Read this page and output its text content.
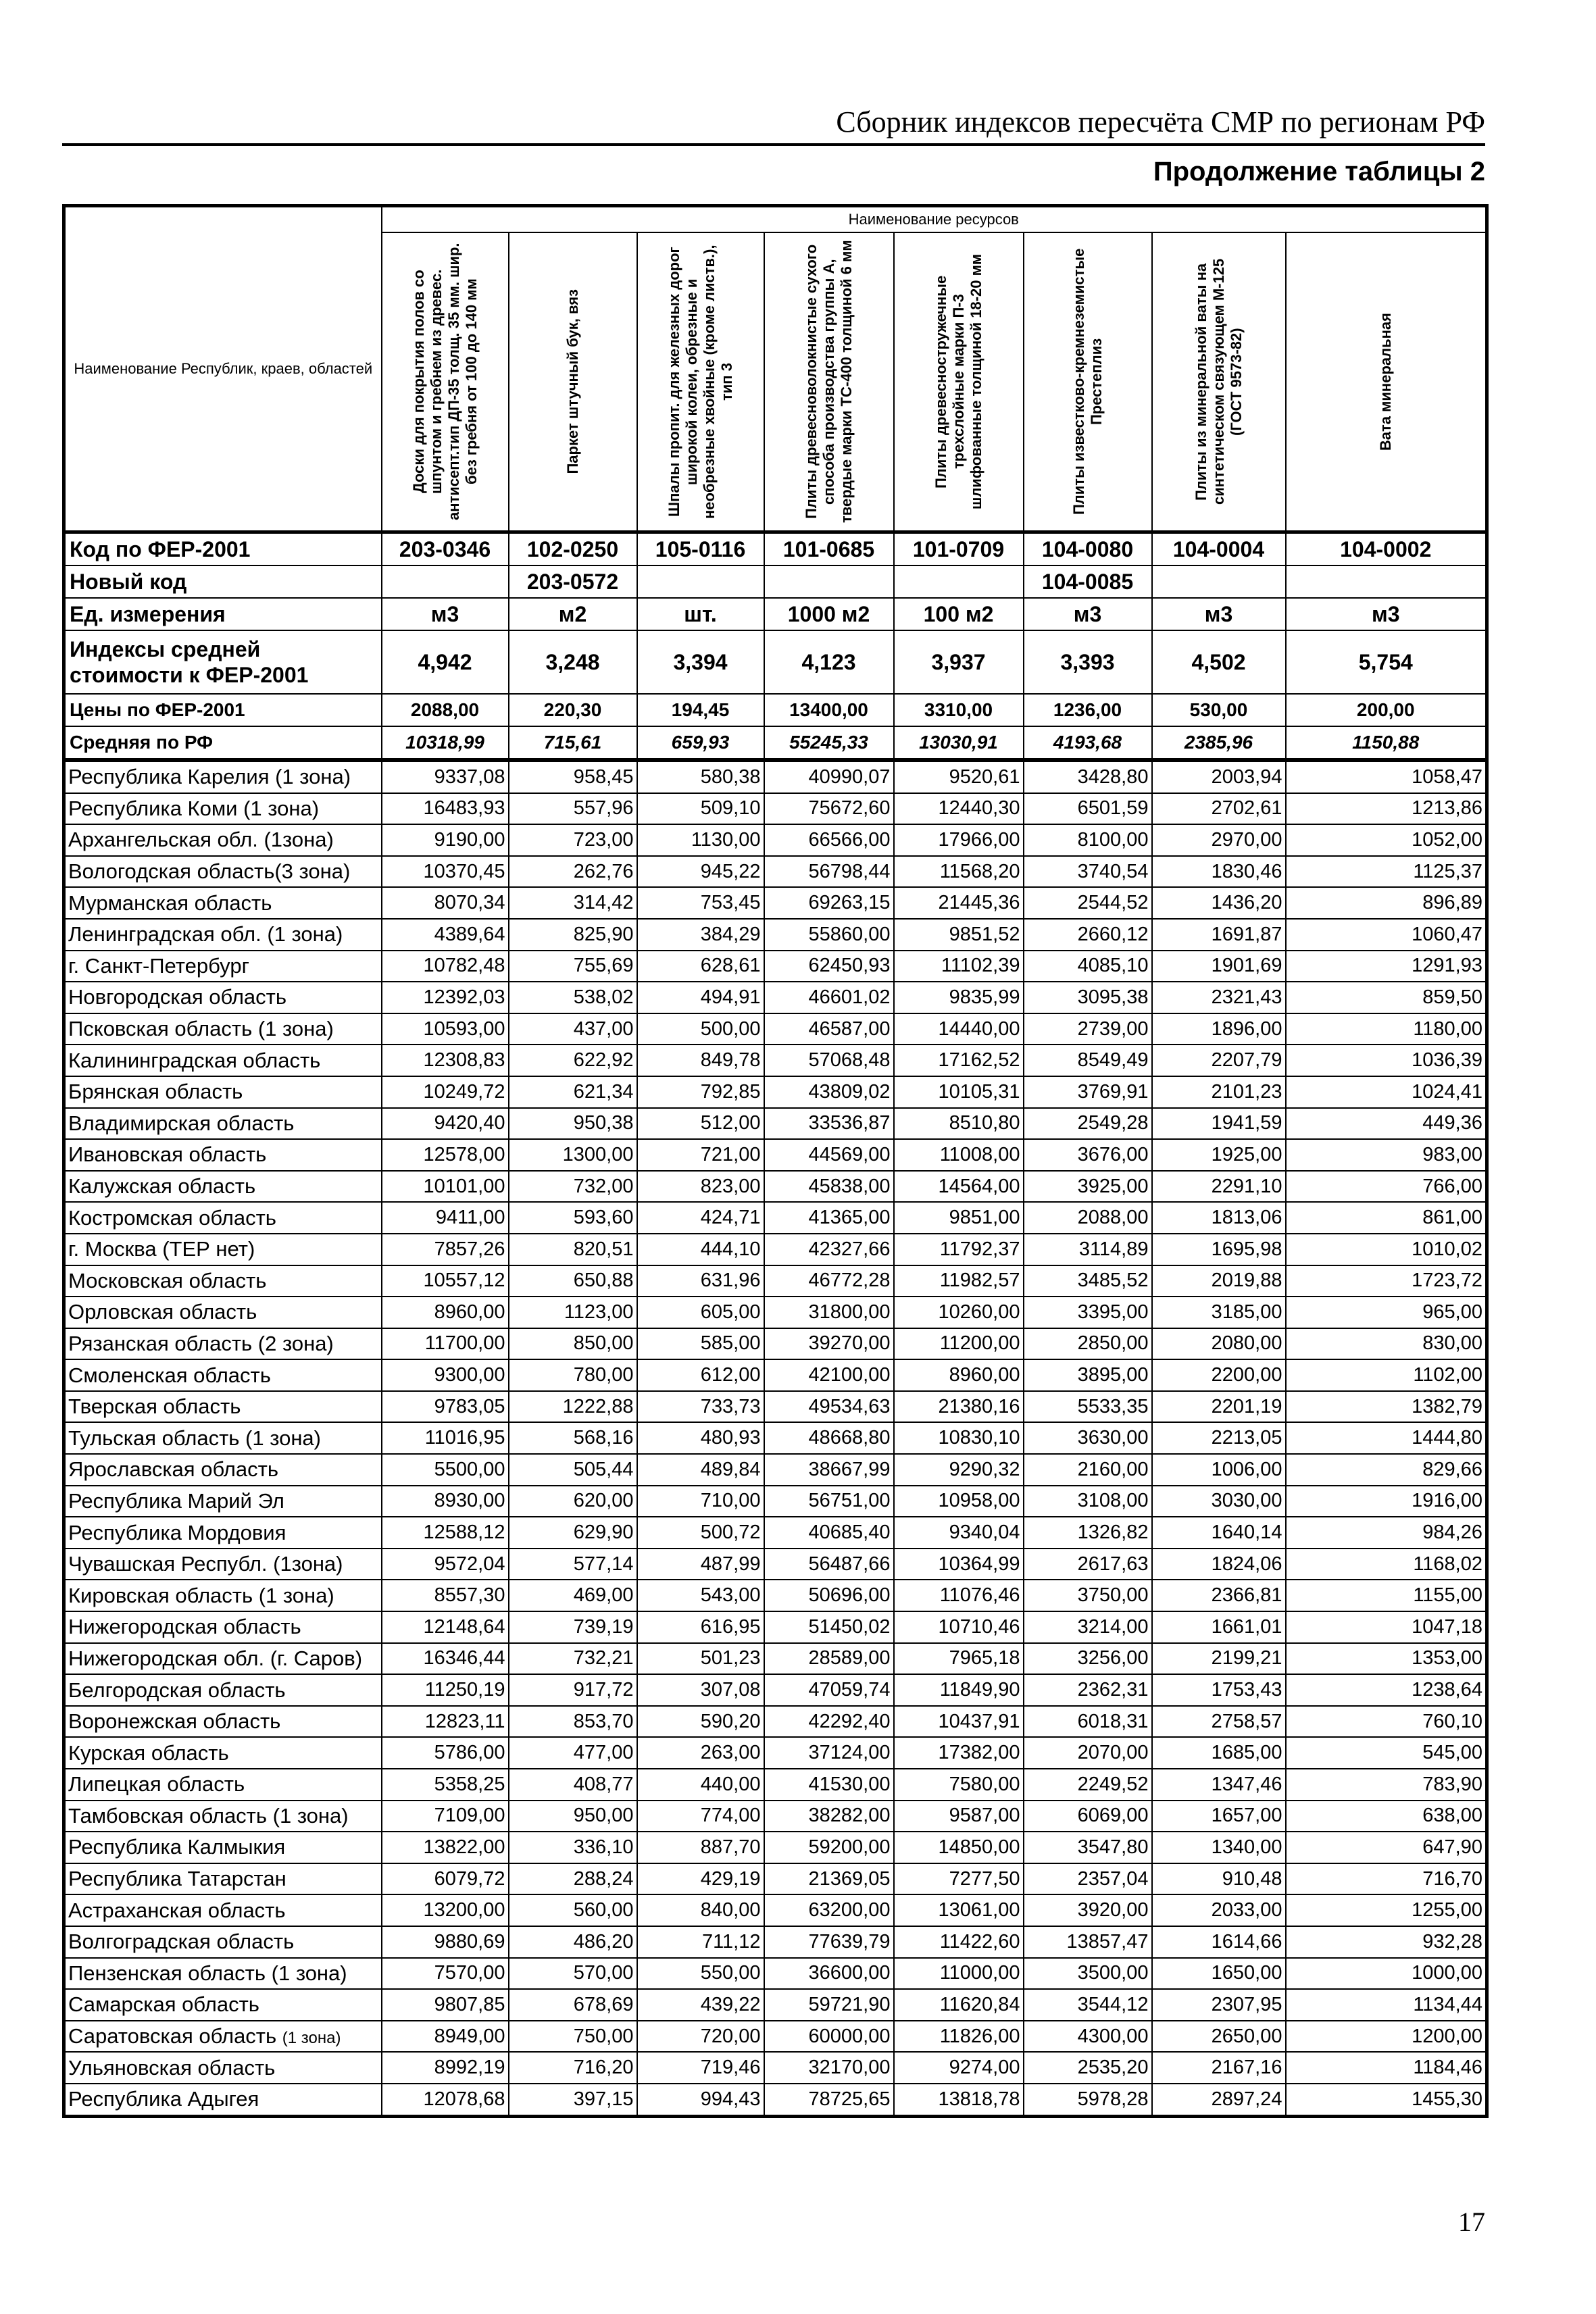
Сборник индексов пересчёта СМР по регионам РФ
Продолжение таблицы 2
Наименование Республик, краев, областей	Наименование ресурсов							

	Доски для покрытия полов со шпунтом и гребнем из древес. антисепт.тип ДП-35 толщ. 35 мм. шир. без гребня от 100 до 140 мм	Паркет штучный бук, вяз	Шпалы пропит. для железных дорог широкой колеи, обрезные и необрезные хвойные (кроме листв.), тип 3	Плиты древесноволокнистые сухого способа производства группы А, твердые марки ТС-400 толщиной 6 мм	Плиты древесностружечные трехслойные марки П-3 шлифованные толщиной 18-20 мм	Плиты известково-кремнеземистые Престеплиз	Плиты из минеральной ваты на синтетическом связующем М-125 (ГОСТ 9573-82)	Вата минеральная

Код по ФЕР-2001	203-0346	102-0250	105-0116	101-0685	101-0709	104-0080	104-0004	104-0002
Новый код		203-0572				104-0085		
Ед. измерения	м3	м2	шт.	1000 м2	100 м2	м3	м3	м3
Индексы средней стоимости к ФЕР-2001	4,942	3,248	3,394	4,123	3,937	3,393	4,502	5,754
Цены по ФЕР-2001	2088,00	220,30	194,45	13400,00	3310,00	1236,00	530,00	200,00
Средняя по РФ	10318,99	715,61	659,93	55245,33	13030,91	4193,68	2385,96	1150,88
Республика Карелия (1 зона)	9337,08	958,45	580,38	40990,07	9520,61	3428,80	2003,94	1058,47
Республика Коми (1 зона)	16483,93	557,96	509,10	75672,60	12440,30	6501,59	2702,61	1213,86
Архангельская обл. (1зона)	9190,00	723,00	1130,00	66566,00	17966,00	8100,00	2970,00	1052,00
Вологодская область(3 зона)	10370,45	262,76	945,22	56798,44	11568,20	3740,54	1830,46	1125,37
Мурманская область	8070,34	314,42	753,45	69263,15	21445,36	2544,52	1436,20	896,89
Ленинградская обл. (1 зона)	4389,64	825,90	384,29	55860,00	9851,52	2660,12	1691,87	1060,47
г. Санкт-Петербург	10782,48	755,69	628,61	62450,93	11102,39	4085,10	1901,69	1291,93
Новгородская область	12392,03	538,02	494,91	46601,02	9835,99	3095,38	2321,43	859,50
Псковская область (1 зона)	10593,00	437,00	500,00	46587,00	14440,00	2739,00	1896,00	1180,00
Калининградская область	12308,83	622,92	849,78	57068,48	17162,52	8549,49	2207,79	1036,39
Брянская область	10249,72	621,34	792,85	43809,02	10105,31	3769,91	2101,23	1024,41
Владимирская область	9420,40	950,38	512,00	33536,87	8510,80	2549,28	1941,59	449,36
Ивановская область	12578,00	1300,00	721,00	44569,00	11008,00	3676,00	1925,00	983,00
Калужская область	10101,00	732,00	823,00	45838,00	14564,00	3925,00	2291,10	766,00
Костромская область	9411,00	593,60	424,71	41365,00	9851,00	2088,00	1813,06	861,00
г. Москва (ТЕР нет)	7857,26	820,51	444,10	42327,66	11792,37	3114,89	1695,98	1010,02
Московская область	10557,12	650,88	631,96	46772,28	11982,57	3485,52	2019,88	1723,72
Орловская область	8960,00	1123,00	605,00	31800,00	10260,00	3395,00	3185,00	965,00
Рязанская область (2 зона)	11700,00	850,00	585,00	39270,00	11200,00	2850,00	2080,00	830,00
Смоленская область	9300,00	780,00	612,00	42100,00	8960,00	3895,00	2200,00	1102,00
Тверская область	9783,05	1222,88	733,73	49534,63	21380,16	5533,35	2201,19	1382,79
Тульская область (1 зона)	11016,95	568,16	480,93	48668,80	10830,10	3630,00	2213,05	1444,80
Ярославская область	5500,00	505,44	489,84	38667,99	9290,32	2160,00	1006,00	829,66
Республика Марий Эл	8930,00	620,00	710,00	56751,00	10958,00	3108,00	3030,00	1916,00
Республика Мордовия	12588,12	629,90	500,72	40685,40	9340,04	1326,82	1640,14	984,26
Чувашская Республ. (1зона)	9572,04	577,14	487,99	56487,66	10364,99	2617,63	1824,06	1168,02
Кировская область (1 зона)	8557,30	469,00	543,00	50696,00	11076,46	3750,00	2366,81	1155,00
Нижегородская область	12148,64	739,19	616,95	51450,02	10710,46	3214,00	1661,01	1047,18
Нижегородская обл. (г. Саров)	16346,44	732,21	501,23	28589,00	7965,18	3256,00	2199,21	1353,00
Белгородская область	11250,19	917,72	307,08	47059,74	11849,90	2362,31	1753,43	1238,64
Воронежская область	12823,11	853,70	590,20	42292,40	10437,91	6018,31	2758,57	760,10
Курская область	5786,00	477,00	263,00	37124,00	17382,00	2070,00	1685,00	545,00
Липецкая область	5358,25	408,77	440,00	41530,00	7580,00	2249,52	1347,46	783,90
Тамбовская область (1 зона)	7109,00	950,00	774,00	38282,00	9587,00	6069,00	1657,00	638,00
Республика Калмыкия	13822,00	336,10	887,70	59200,00	14850,00	3547,80	1340,00	647,90
Республика Татарстан	6079,72	288,24	429,19	21369,05	7277,50	2357,04	910,48	716,70
Астраханская область	13200,00	560,00	840,00	63200,00	13061,00	3920,00	2033,00	1255,00
Волгоградская область	9880,69	486,20	711,12	77639,79	11422,60	13857,47	1614,66	932,28
Пензенская область (1 зона)	7570,00	570,00	550,00	36600,00	11000,00	3500,00	1650,00	1000,00
Самарская область	9807,85	678,69	439,22	59721,90	11620,84	3544,12	2307,95	1134,44
Саратовская область (1 зона)	8949,00	750,00	720,00	60000,00	11826,00	4300,00	2650,00	1200,00
Ульяновская область	8992,19	716,20	719,46	32170,00	9274,00	2535,20	2167,16	1184,46
Республика Адыгея	12078,68	397,15	994,43	78725,65	13818,78	5978,28	2897,24	1455,30
17
